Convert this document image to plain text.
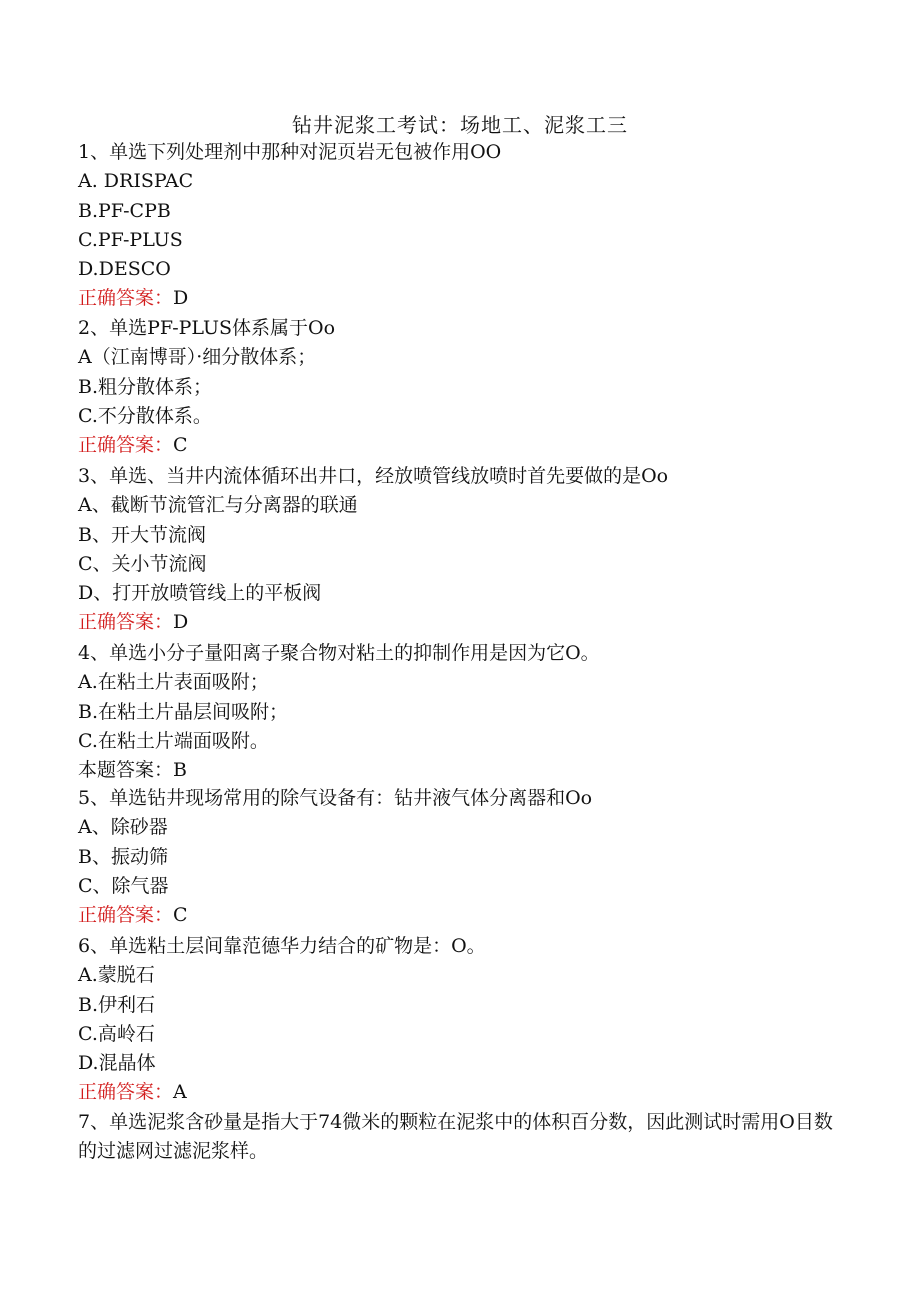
钻井泥浆工考试：场地工、泥浆工三
1、单选下列处理剂中那种对泥页岩无包被作用OO
A. DRISPAC
B.PF-CPB
C.PF-PLUS
D.DESCO
正确答案：D
2、单选PF-PLUS体系属于Oo
A（江南博哥）·细分散体系；
B.粗分散体系；
C.不分散体系。
正确答案：C
3、单选、当井内流体循环出井口，经放喷管线放喷时首先要做的是Oo
A、截断节流管汇与分离器的联通
B、开大节流阀
C、关小节流阀
D、打开放喷管线上的平板阀
正确答案：D
4、单选小分子量阳离子聚合物对粘土的抑制作用是因为它O。
A.在粘土片表面吸附；
B.在粘土片晶层间吸附；
C.在粘土片端面吸附。
本题答案：B
5、单选钻井现场常用的除气设备有：钻井液气体分离器和Oo
A、除砂器
B、振动筛
C、除气器
正确答案：C
6、单选粘土层间靠范德华力结合的矿物是：O。
A.蒙脱石
B.伊利石
C.高岭石
D.混晶体
正确答案：A
7、单选泥浆含砂量是指大于74微米的颗粒在泥浆中的体积百分数，因此测试时需用O目数的过滤网过滤泥浆样。
